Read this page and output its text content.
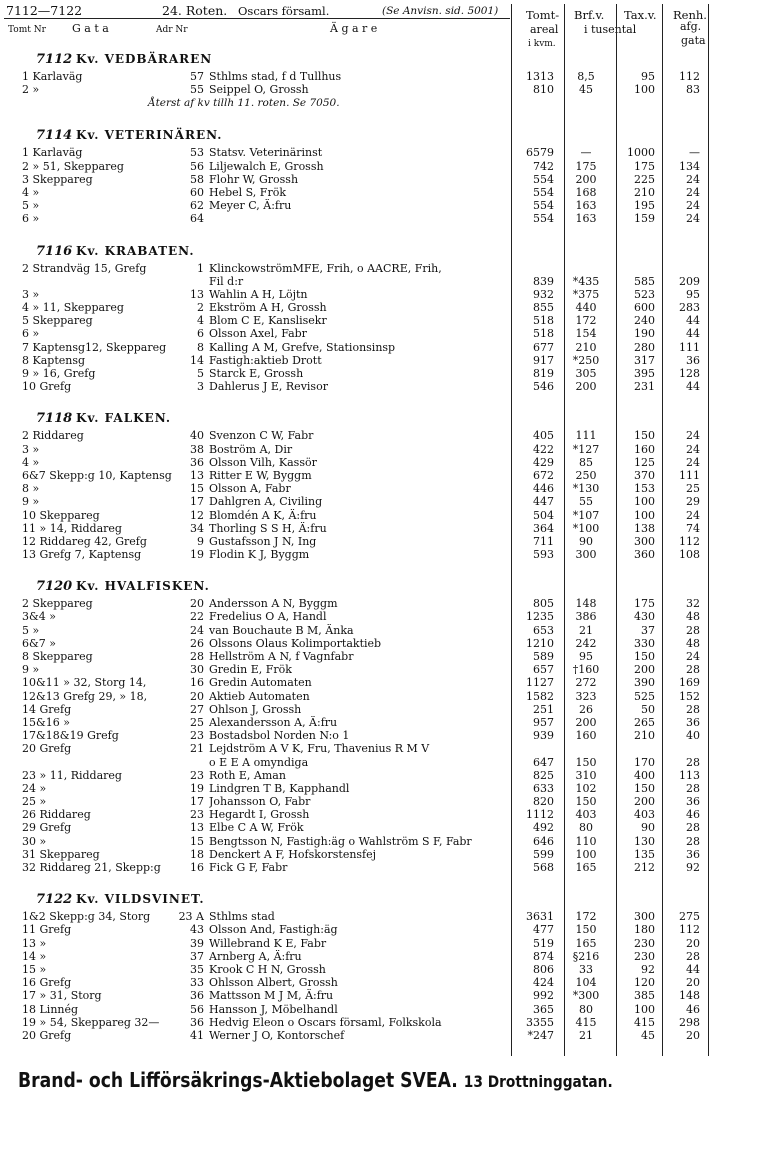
7112—7122	24. Roten. Oscars församl.	(Se Anvisn. sid. 5001) Tomt- Brf.v. Tax.v. Renh.
Tomt Nr G a t a	Adr Nr	Ä g a r e	areal i tusental	afg.
i kvm.	gata
7112 Kv. VEDBÄRAREN
1 Karlaväg	57 Sthlms stad, f d Tullhus	1313	8,5	95	112
2 »	55 Seippel O, Grossh	810	45	100	83
Återst af kv tillh 11. roten. Se 7050.
7114 Kv. VETERINÄREN.
1 Karlaväg	53 Statsv. Veterinärinst	6579	—	1000	—
2 » 51, Skeppareg	56 Liljewalch E, Grossh	742	175	175	134
3 Skeppareg	58 Flohr W, Grossh	554	200	225	24
4 »	60 Hebel S, Frök	554	168	210	24
5 »	62 Meyer C, Ä:fru	554	163	195	24
6 »	64	554	163	159	24
7116 Kv. KRABATEN.
2 Strandväg 15, Grefg	1 KlinckowströmMFE, Frih, o AACRE, Frih,
Fil d:r	839	*435	585	209
3 »	13 Wahlin A H, Löjtn	932	*375	523	95
4 » 11, Skeppareg	2 Ekström A H, Grossh	855	440	600	283
5 Skeppareg	4 Blom C E, Kanslisekr	518	172	240	44
6 »	6 Olsson Axel, Fabr	518	154	190	44
7 Kaptensg12, Skeppareg	8 Kalling A M, Grefve, Stationsinsp	677	210	280	111
8 Kaptensg	14 Fastigh:aktieb Drott	917	*250	317	36
9 » 16, Grefg	5 Starck E, Grossh	819	305	395	128
10 Grefg	3 Dahlerus J E, Revisor	546	200	231	44
7118 Kv. FALKEN.
2 Riddareg	40 Svenzon C W, Fabr	405	111	150	24
3 »	38 Boström A, Dir	422	*127	160	24
4 »	36 Olsson Vilh, Kassör	429	85	125	24
6&7 Skepp:g 10, Kaptensg	13 Ritter E W, Byggm	672	250	370	111
8 »	15 Olsson A, Fabr	446	*130	153	25
9 »	17 Dahlgren A, Civiling	447	55	100	29
10 Skeppareg	12 Blomdén A K, Ä:fru	504	*107	100	24
11 » 14, Riddareg	34 Thorling S S H, Ä:fru	364	*100	138	74
12 Riddareg 42, Grefg	9 Gustafsson J N, Ing	711	90	300	112
13 Grefg 7, Kaptensg	19 Flodin K J, Byggm	593	300	360	108
7120 Kv. HVALFISKEN.
2 Skeppareg	20 Andersson A N, Byggm	805	148	175	32
3&4 »	22 Fredelius O A, Handl	1235	386	430	48
5 »	24 van Bouchaute B M, Änka	653	21	37	28
6&7 »	26 Olssons Olaus Kolimportaktieb	1210	242	330	48
8 Skeppareg	28 Hellström A N, f Vagnfabr	589	95	150	24
9 »	30 Gredin E, Frök	657	†160	200	28
10&11 » 32, Storg 14,	16 Gredin Automaten	1127	272	390	169
12&13 Grefg 29, » 18,	20 Aktieb Automaten	1582	323	525	152
14 Grefg	27 Ohlson J, Grossh	251	26	50	28
15&16 »	25 Alexandersson A, Ä:fru	957	200	265	36
17&18&19 Grefg	23 Bostadsbol Norden N:o 1	939	160	210	40
20 Grefg	21 Lejdström A V K, Fru, Thavenius R M V
o E E A omyndiga	647	150	170	28
23 » 11, Riddareg	23 Roth E, Aman	825	310	400	113
24 »	19 Lindgren T B, Kapphandl	633	102	150	28
25 »	17 Johansson O, Fabr	820	150	200	36
26 Riddareg	23 Hegardt I, Grossh	1112	403	403	46
29 Grefg	13 Elbe C A W, Frök	492	80	90	28
30 »	15 Bengtsson N, Fastigh:äg o Wahlström S F, Fabr	646	110	130	28
31 Skeppareg	18 Denckert A F, Hofskorstensfej	599	100	135	36
32 Riddareg 21, Skepp:g	16 Fick G F, Fabr	568	165	212	92
7122 Kv. VILDSVINET.
1&2 Skepp:g 34, Storg	23 A Sthlms stad	3631	172	300	275
11 Grefg	43 Olsson And, Fastigh:äg	477	150	180	112
13 »	39 Willebrand K E, Fabr	519	165	230	20
14 »	37 Arnberg A, Ä:fru	874	§216	230	28
15 »	35 Krook C H N, Grossh	806	33	92	44
16 Grefg	33 Ohlsson Albert, Grossh	424	104	120	20
17 » 31, Storg	36 Mattsson M J M, Ä:fru	992	*300	385	148
18 Linnég	56 Hansson J, Möbelhandl	365	80	100	46
19 » 54, Skeppareg 32—	36 Hedvig Eleon o Oscars församl, Folkskola	3355	415	415	298
20 Grefg	41 Werner J O, Kontorschef	*247	21	45	20
Brand- och Lifförsäkrings-Aktiebolaget SVEA. 13 Drottninggatan.
